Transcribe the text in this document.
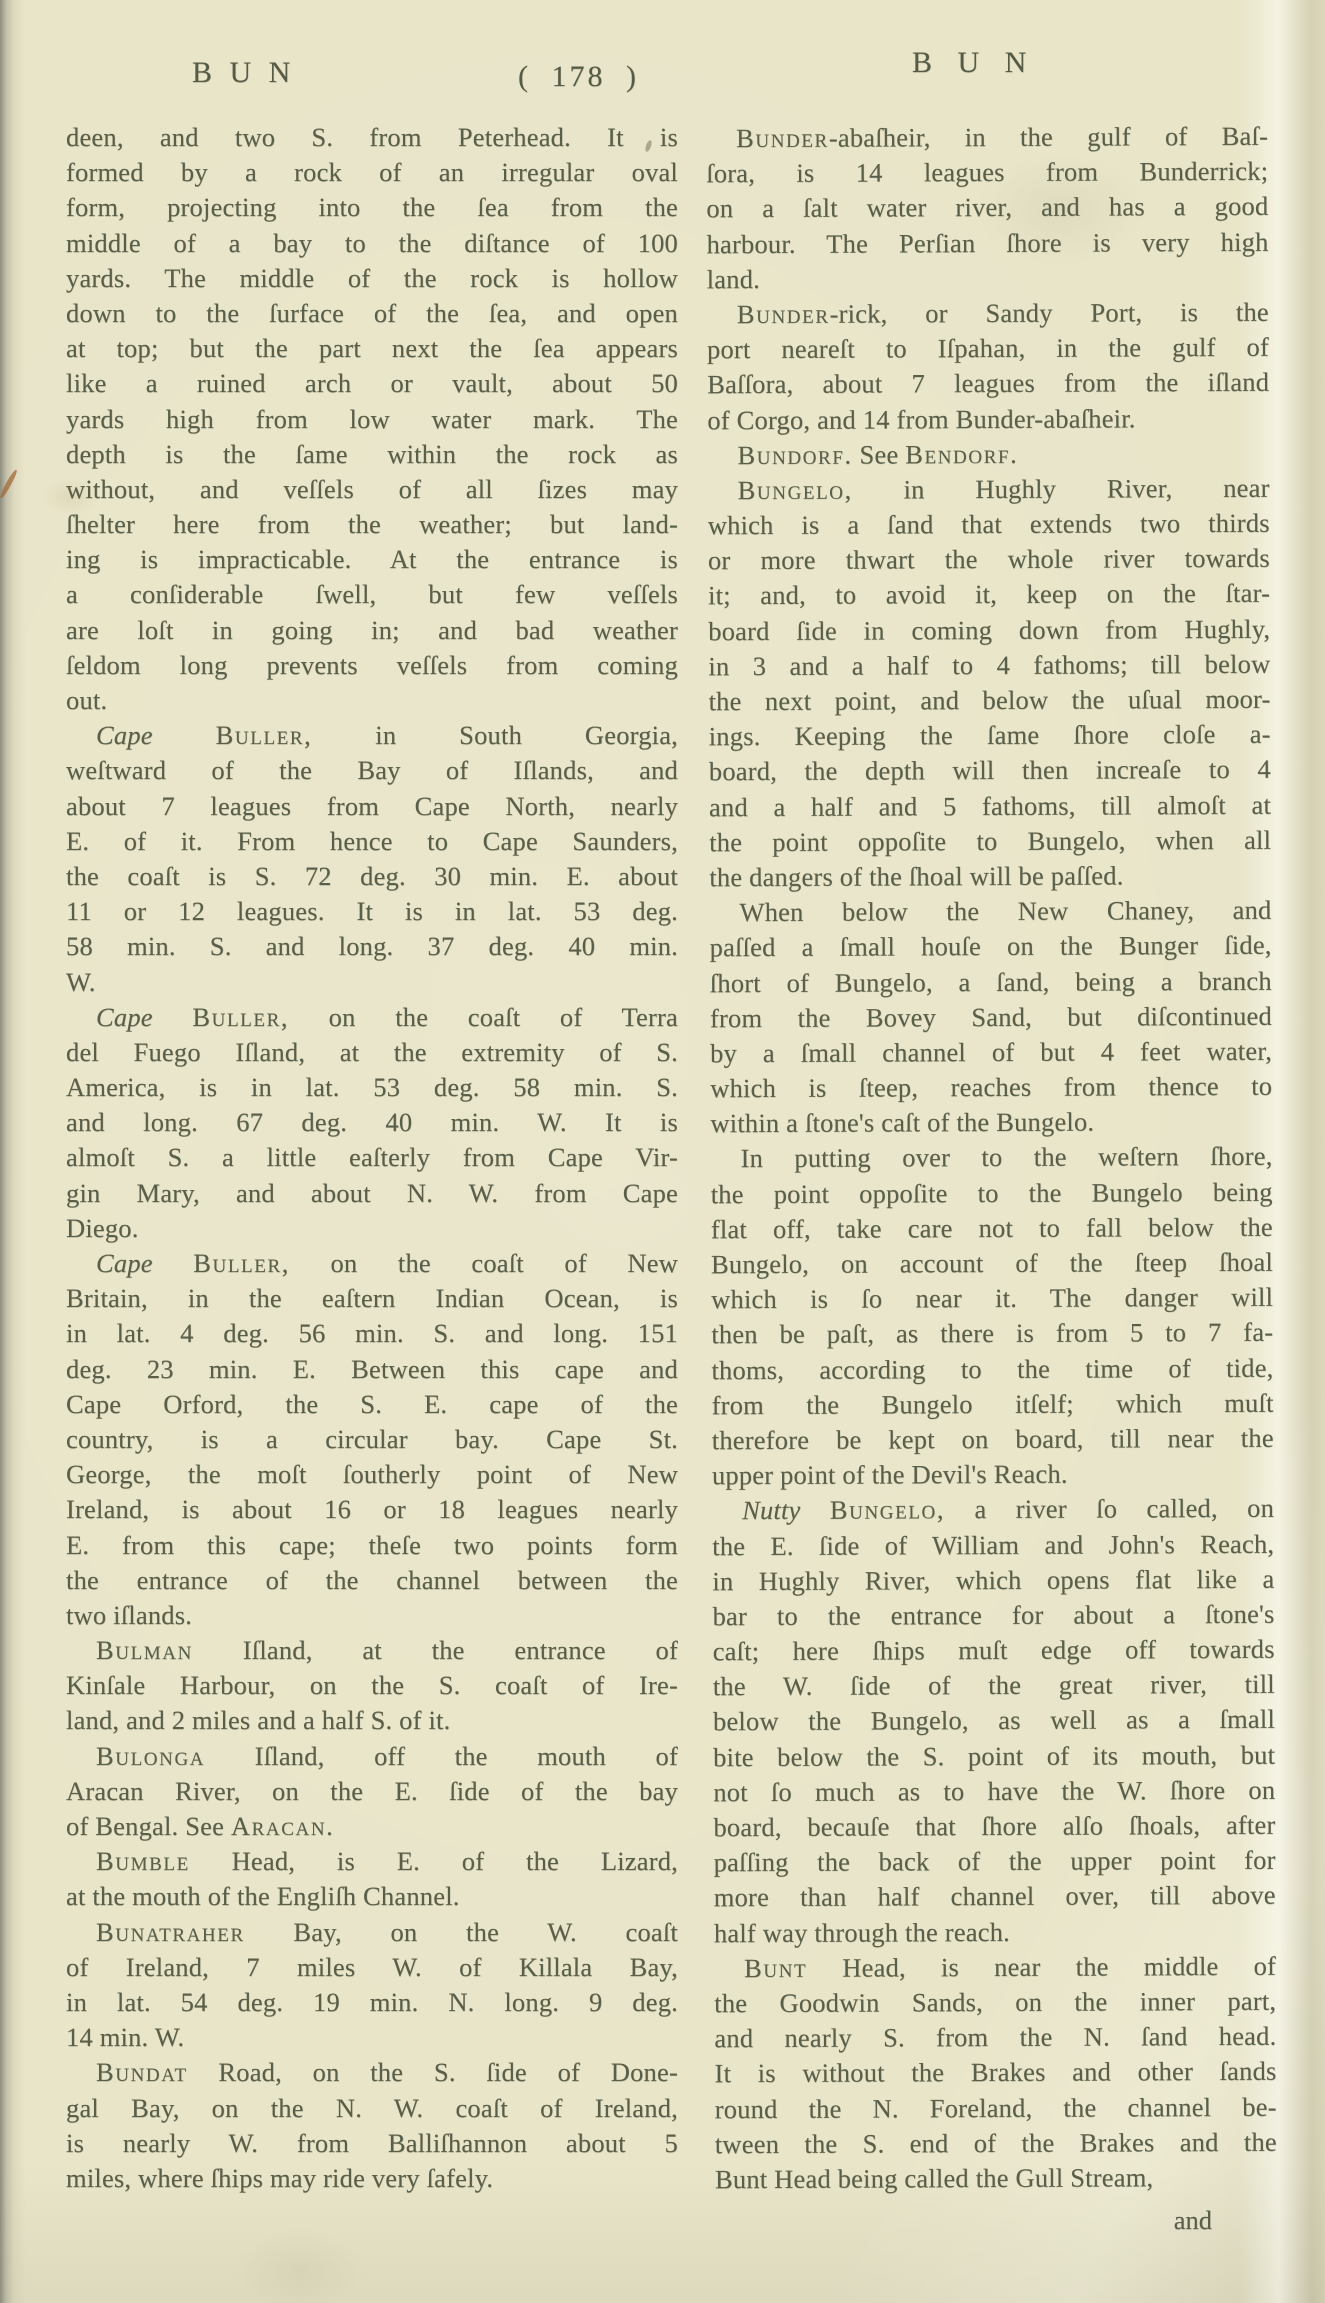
B U N	( 178 )	B U N
deen, and two S. from Peterhead. It is
formed by a rock of an irregular oval
form, projecting into the ſea from the
middle of a bay to the diſtance of 100
yards. The middle of the rock is hollow
down to the ſurface of the ſea, and open
at top; but the part next the ſea appears
like a ruined arch or vault, about 50
yards high from low water mark. The
depth is the ſame within the rock as
without, and veſſels of all ſizes may
ſhelter here from the weather; but land-
ing is impracticable. At the entrance is
a conſiderable ſwell, but few veſſels
are loſt in going in; and bad weather
ſeldom long prevents veſſels from coming
out.
Cape Buller, in South Georgia,
weſtward of the Bay of Iſlands, and
about 7 leagues from Cape North, nearly
E. of it. From hence to Cape Saunders,
the coaſt is S. 72 deg. 30 min. E. about
11 or 12 leagues. It is in lat. 53 deg.
58 min. S. and long. 37 deg. 40 min.
W.
Cape Buller, on the coaſt of Terra
del Fuego Iſland, at the extremity of S.
America, is in lat. 53 deg. 58 min. S.
and long. 67 deg. 40 min. W. It is
almoſt S. a little eaſterly from Cape Vir-
gin Mary, and about N. W. from Cape
Diego.
Cape Buller, on the coaſt of New
Britain, in the eaſtern Indian Ocean, is
in lat. 4 deg. 56 min. S. and long. 151
deg. 23 min. E. Between this cape and
Cape Orford, the S. E. cape of the
country, is a circular bay. Cape St.
George, the moſt ſoutherly point of New
Ireland, is about 16 or 18 leagues nearly
E. from this cape; theſe two points form
the entrance of the channel between the
two iſlands.
Bulman Iſland, at the entrance of
Kinſale Harbour, on the S. coaſt of Ire-
land, and 2 miles and a half S. of it.
Bulonga Iſland, off the mouth of
Aracan River, on the E. ſide of the bay
of Bengal. See Aracan.
Bumble Head, is E. of the Lizard,
at the mouth of the Engliſh Channel.
Bunatraher Bay, on the W. coaſt
of Ireland, 7 miles W. of Killala Bay,
in lat. 54 deg. 19 min. N. long. 9 deg.
14 min. W.
Bundat Road, on the S. ſide of Done-
gal Bay, on the N. W. coaſt of Ireland,
is nearly W. from Balliſhannon about 5
miles, where ſhips may ride very ſafely.
Bunder-abaſheir, in the gulf of Baſ-
ſora, is 14 leagues from Bunderrick;
on a ſalt water river, and has a good
harbour. The Perſian ſhore is very high
land.
Bunder-rick, or Sandy Port, is the
port neareſt to Iſpahan, in the gulf of
Baſſora, about 7 leagues from the iſland
of Corgo, and 14 from Bunder-abaſheir.
Bundorf. See Bendorf.
Bungelo, in Hughly River, near
which is a ſand that extends two thirds
or more thwart the whole river towards
it; and, to avoid it, keep on the ſtar-
board ſide in coming down from Hughly,
in 3 and a half to 4 fathoms; till below
the next point, and below the uſual moor-
ings. Keeping the ſame ſhore cloſe a-
board, the depth will then increaſe to 4
and a half and 5 fathoms, till almoſt at
the point oppoſite to Bungelo, when all
the dangers of the ſhoal will be paſſed.
When below the New Chaney, and
paſſed a ſmall houſe on the Bunger ſide,
ſhort of Bungelo, a ſand, being a branch
from the Bovey Sand, but diſcontinued
by a ſmall channel of but 4 feet water,
which is ſteep, reaches from thence to
within a ſtone's caſt of the Bungelo.
In putting over to the weſtern ſhore,
the point oppoſite to the Bungelo being
flat off, take care not to fall below the
Bungelo, on account of the ſteep ſhoal
which is ſo near it. The danger will
then be paſt, as there is from 5 to 7 fa-
thoms, according to the time of tide,
from the Bungelo itſelf; which muſt
therefore be kept on board, till near the
upper point of the Devil's Reach.
Nutty Bungelo, a river ſo called, on
the E. ſide of William and John's Reach,
in Hughly River, which opens flat like a
bar to the entrance for about a ſtone's
caſt; here ſhips muſt edge off towards
the W. ſide of the great river, till
below the Bungelo, as well as a ſmall
bite below the S. point of its mouth, but
not ſo much as to have the W. ſhore on
board, becauſe that ſhore alſo ſhoals, after
paſſing the back of the upper point for
more than half channel over, till above
half way through the reach.
Bunt Head, is near the middle of
the Goodwin Sands, on the inner part,
and nearly S. from the N. ſand head.
It is without the Brakes and other ſands
round the N. Foreland, the channel be-
tween the S. end of the Brakes and the
Bunt Head being called the Gull Stream,
and
